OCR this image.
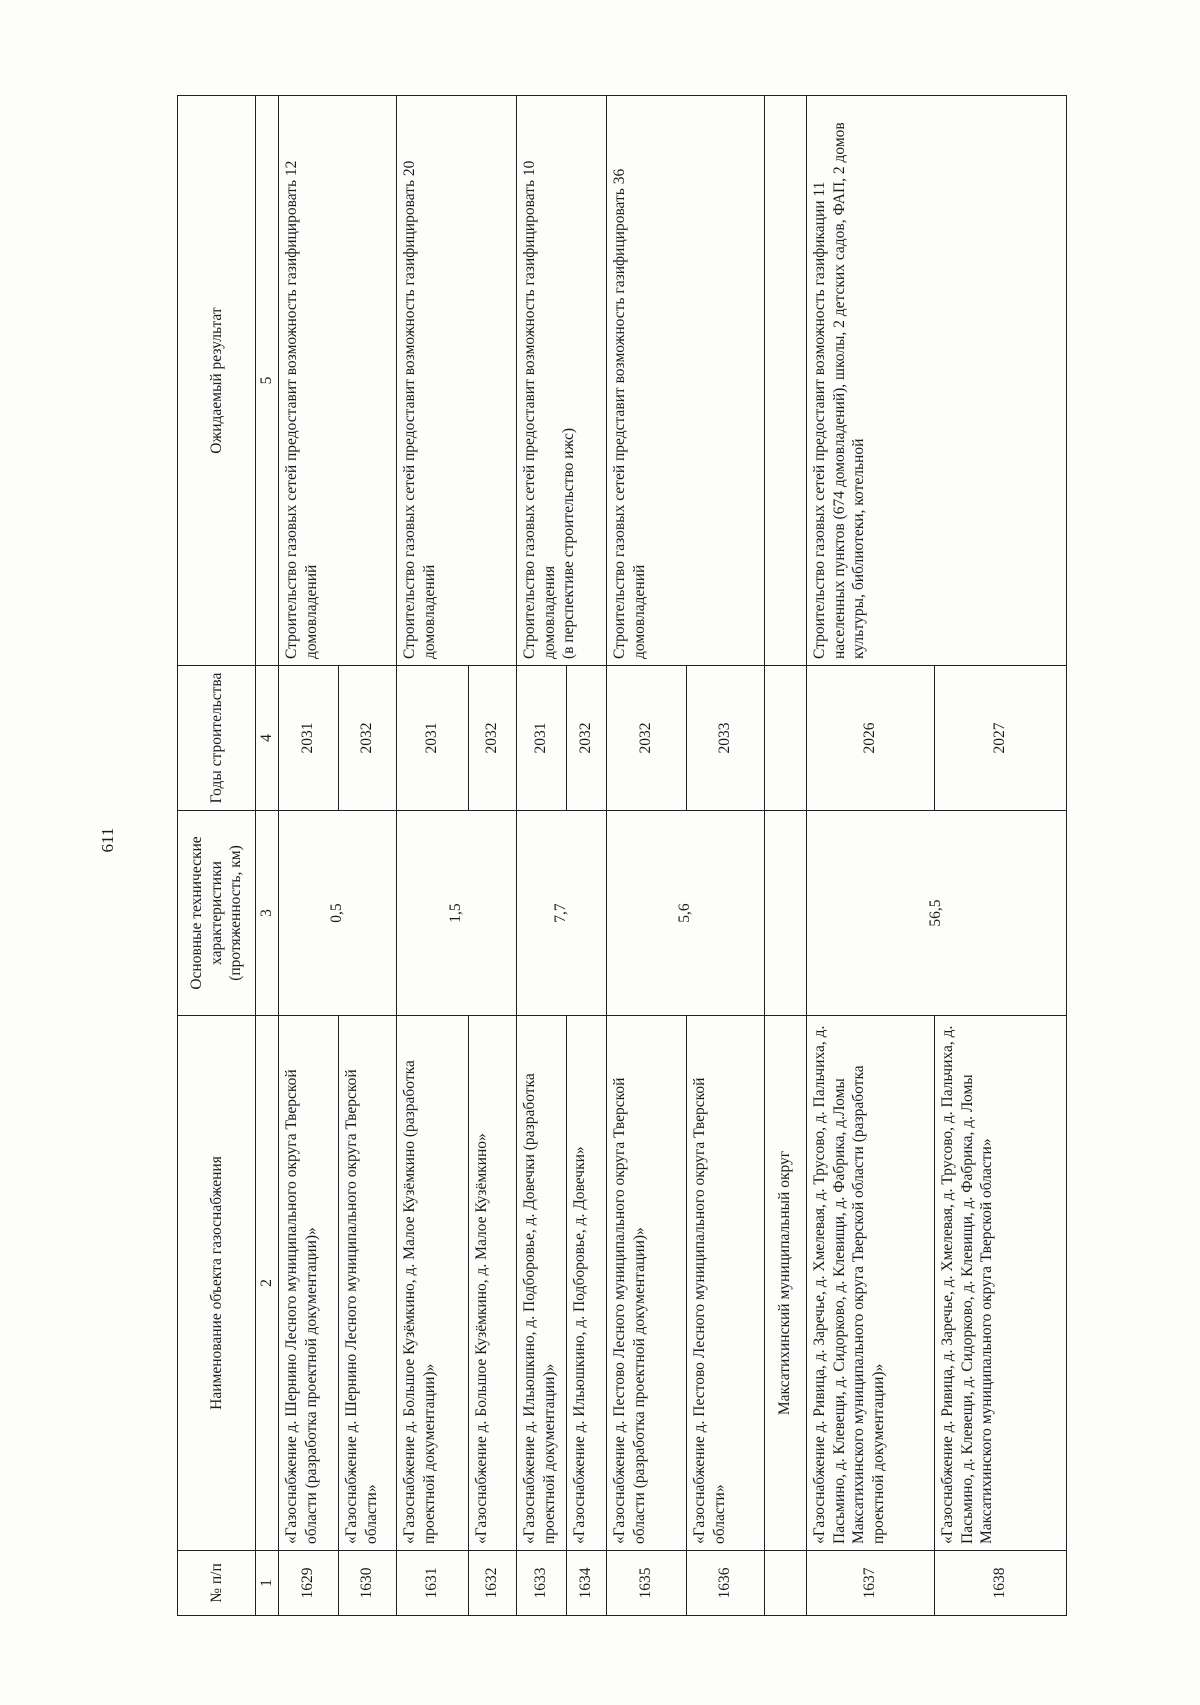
611
№ п/п	Наименование объекта газоснабжения	Основные технические характеристики (протяженность, км)	Годы строительства	Ожидаемый результат
1	2	3	4	5
1629	«Газоснабжение д. Шернино Лесного муниципального округа Тверской области (разработка проектной документации)»	0,5	2031	Строительство газовых сетей предоставит возможность газифицировать 12 домовладений
1630	«Газоснабжение д. Шернино Лесного муниципального округа Тверской области»		2032	
1631	«Газоснабжение д. Большое Кузёмкино, д. Малое Кузёмкино (разработка проектной документации)»	1,5	2031	Строительство газовых сетей предоставит возможность газифицировать 20 домовладений
1632	«Газоснабжение д. Большое Кузёмкино, д. Малое Кузёмкино»		2032	
1633	«Газоснабжение д. Ильюшкино, д. Подборовье, д. Довечки (разработка проектной документации)»	7,7	2031	Строительство газовых сетей предоставит возможность газифицировать 10 домовладения (в перспективе строительство ижс)

1634	«Газоснабжение д. Ильюшкино, д. Подборовье, д. Довечки»		2032	
1635	«Газоснабжение д. Пестово Лесного муниципального округа Тверской области (разработка проектной документации)»	5,6	2032	Строительство газовых сетей представит возможность газифицировать 36 домовладений
1636	«Газоснабжение д. Пестово Лесного муниципального округа Тверской области»		2033	
	Максатихинский муниципальный округ			
1637	«Газоснабжение д. Ривица, д. Заречье, д. Хмелевая, д. Трусово, д. Пальчиха, д. Пасьмино, д. Клевещи, д. Сидорково, д. Клевищи, д. Фабрика, д.Ломы Максатихинского муниципального округа Тверской области (разработка проектной документации)»	56,5	2026	Строительство газовых сетей предоставит возможность газификации 11 населенных пунктов (674 домовладений), школы, 2 детских садов, ФАП, 2 домов культуры, библиотеки, котельной
1638	«Газоснабжение д. Ривица, д. Заречье, д. Хмелевая, д. Трусово, д. Пальчиха, д. Пасьмино, д. Клевещи, д. Сидорково, д. Клевищи, д. Фабрика, д. Ломы Максатихинского муниципального округа Тверской области»		2027	
